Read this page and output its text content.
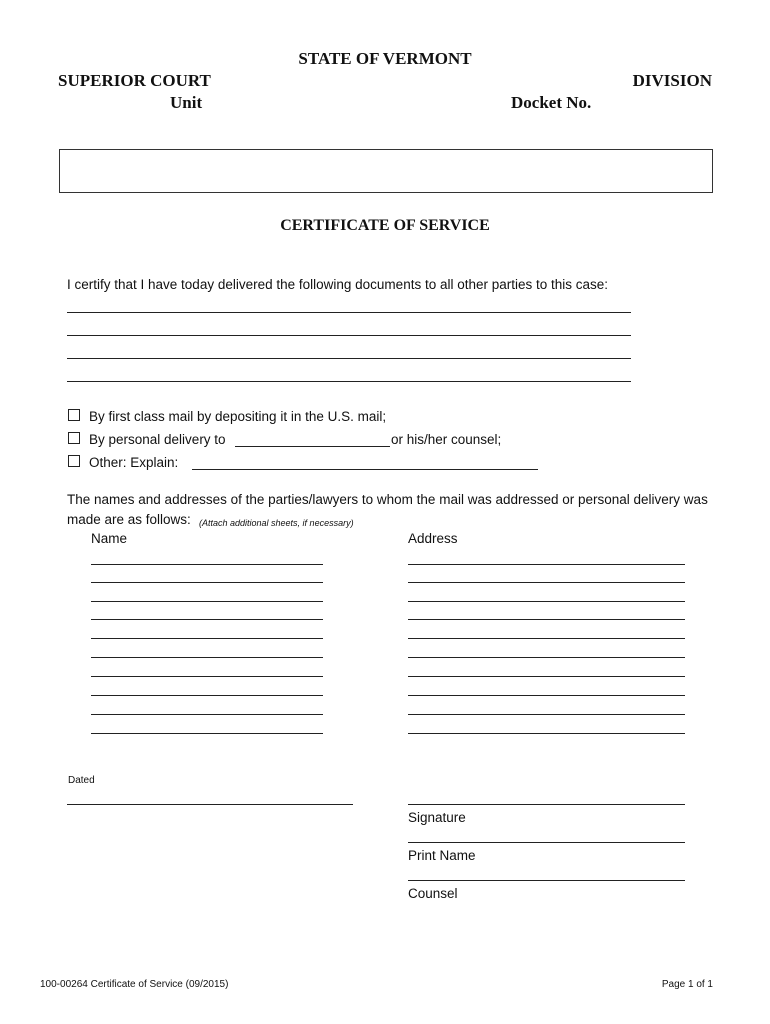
STATE OF VERMONT
SUPERIOR COURT	DIVISION
Unit	Docket No.
CERTIFICATE OF SERVICE
I certify that I have today delivered the following documents to all other parties to this case:
By first class mail by depositing it in the U.S. mail;
By personal delivery to	or his/her counsel;
Other: Explain:
The names and addresses of the parties/lawyers to whom the mail was addressed or personal delivery was
made are as follows: (Attach additional sheets, if necessary)
Name	Address
Dated
Signature
Print Name
Counsel
100-00264 Certificate of Service (09/2015)	Page 1 of 1
